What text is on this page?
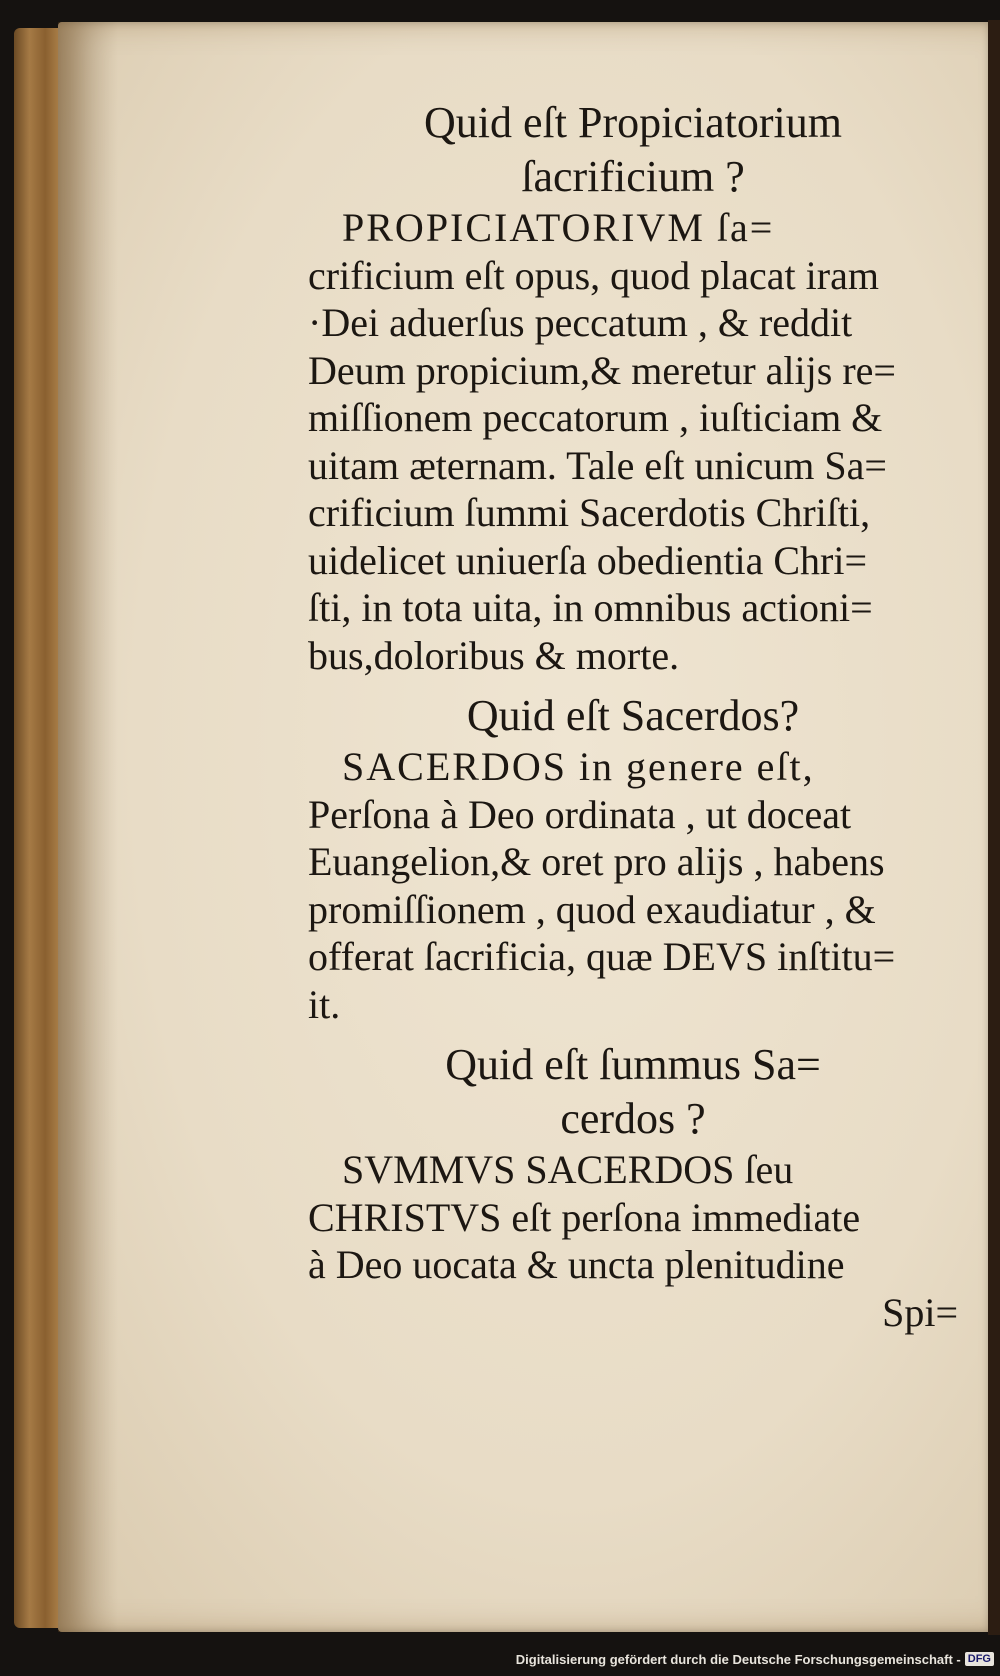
Quid eſt Propiciatorium
ſacrificium ?

PROPICIATORIVM ſa=
crificium eſt opus, quod placat iram
·Dei aduerſus peccatum , & reddit
Deum propicium,& meretur alijs re=
miſſionem peccatorum , iuſticiam &
uitam æternam. Tale eſt unicum Sa=
crificium ſummi Sacerdotis Chriſti,
uidelicet uniuerſa obedientia Chri=
ſti, in tota uita, in omnibus actioni=
bus,doloribus & morte.

Quid eſt Sacerdos?

SACERDOS in genere eſt,
Perſona à Deo ordinata , ut doceat
Euangelion,& oret pro alijs , habens
promiſſionem , quod exaudiatur , &
offerat ſacrificia, quæ DEVS inſtitu=
it.

Quid eſt ſummus Sa=
cerdos ?

SVMMVS SACERDOS ſeu
CHRISTVS eſt perſona immediate
à Deo uocata & uncta plenitudine
Spi=

Digitalisierung gefördert durch die Deutsche Forschungsgemeinschaft - DFG
